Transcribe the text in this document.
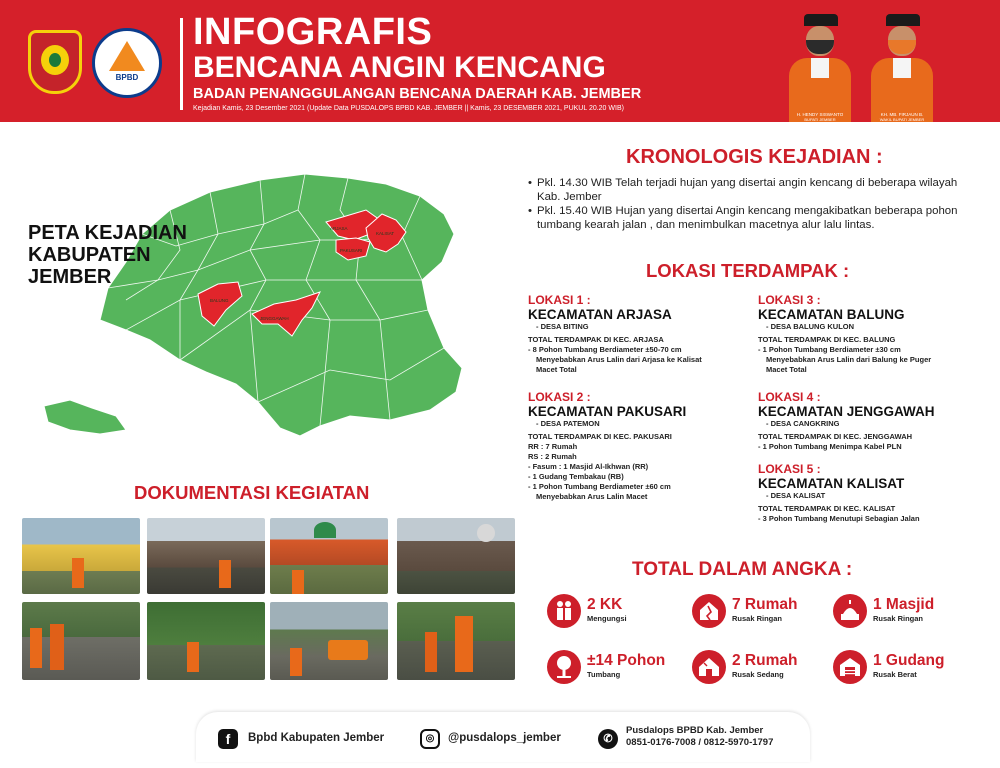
BPBD
INFOGRAFIS
BENCANA ANGIN KENCANG
BADAN PENANGGULANGAN BENCANA DAERAH KAB. JEMBER
Kejadian Kamis, 23 Desember 2021 (Update Data PUSDALOPS BPBD KAB. JEMBER || Kamis, 23 DESEMBER 2021, PUKUL 20.20 WIB)
H. HENDY SISWANTO
BUPATI JEMBER
KH. MB. FIRJAUN B.
WAKIL BUPATI JEMBER
ARJASA
KALISAT
PAKUSARI
BALUNG
JENGGAWAH
PETA KEJADIAN KABUPATEN JEMBER
KRONOLOGIS KEJADIAN :
• Pkl. 14.30 WIB Telah terjadi hujan yang disertai angin kencang di beberapa wilayah Kab. Jember
• Pkl. 15.40 WIB Hujan yang disertai Angin kencang mengakibatkan beberapa pohon tumbang kearah jalan , dan menimbulkan macetnya alur lalu lintas.
LOKASI TERDAMPAK :
LOKASI 1 :
KECAMATAN ARJASA
- DESA BITING
TOTAL TERDAMPAK DI KEC. ARJASA
- 8 Pohon Tumbang Berdiameter ±50-70 cm
Menyebabkan Arus Lalin dari Arjasa ke Kalisat
Macet Total
LOKASI 2 :
KECAMATAN PAKUSARI
- DESA PATEMON
TOTAL TERDAMPAK DI KEC. PAKUSARI
RR : 7 Rumah
RS : 2 Rumah
- Fasum : 1 Masjid Al-Ikhwan (RR)
- 1 Gudang Tembakau (RB)
- 1 Pohon Tumbang Berdiameter ±60 cm
Menyebabkan Arus Lalin Macet
LOKASI 3 :
KECAMATAN BALUNG
- DESA BALUNG KULON
TOTAL TERDAMPAK DI KEC. BALUNG
- 1 Pohon Tumbang Berdiameter ±30 cm
Menyebabkan Arus Lalin dari Balung ke Puger
Macet Total
LOKASI 4 :
KECAMATAN JENGGAWAH
- DESA CANGKRING
TOTAL TERDAMPAK DI KEC. JENGGAWAH
- 1 Pohon Tumbang Menimpa Kabel PLN
LOKASI 5 :
KECAMATAN KALISAT
- DESA KALISAT
TOTAL TERDAMPAK DI KEC. KALISAT
- 3 Pohon Tumbang Menutupi Sebagian Jalan
DOKUMENTASI KEGIATAN
TOTAL DALAM ANGKA :
2 KK
Mengungsi
7 Rumah
Rusak Ringan
1 Masjid
Rusak Ringan
±14 Pohon
Tumbang
2 Rumah
Rusak Sedang
1 Gudang
Rusak Berat
f	Bpbd Kabupaten Jember	◎	@pusdalops_jember	✆
Pusdalops BPBD Kab. Jember
0851-0176-7008 / 0812-5970-1797
